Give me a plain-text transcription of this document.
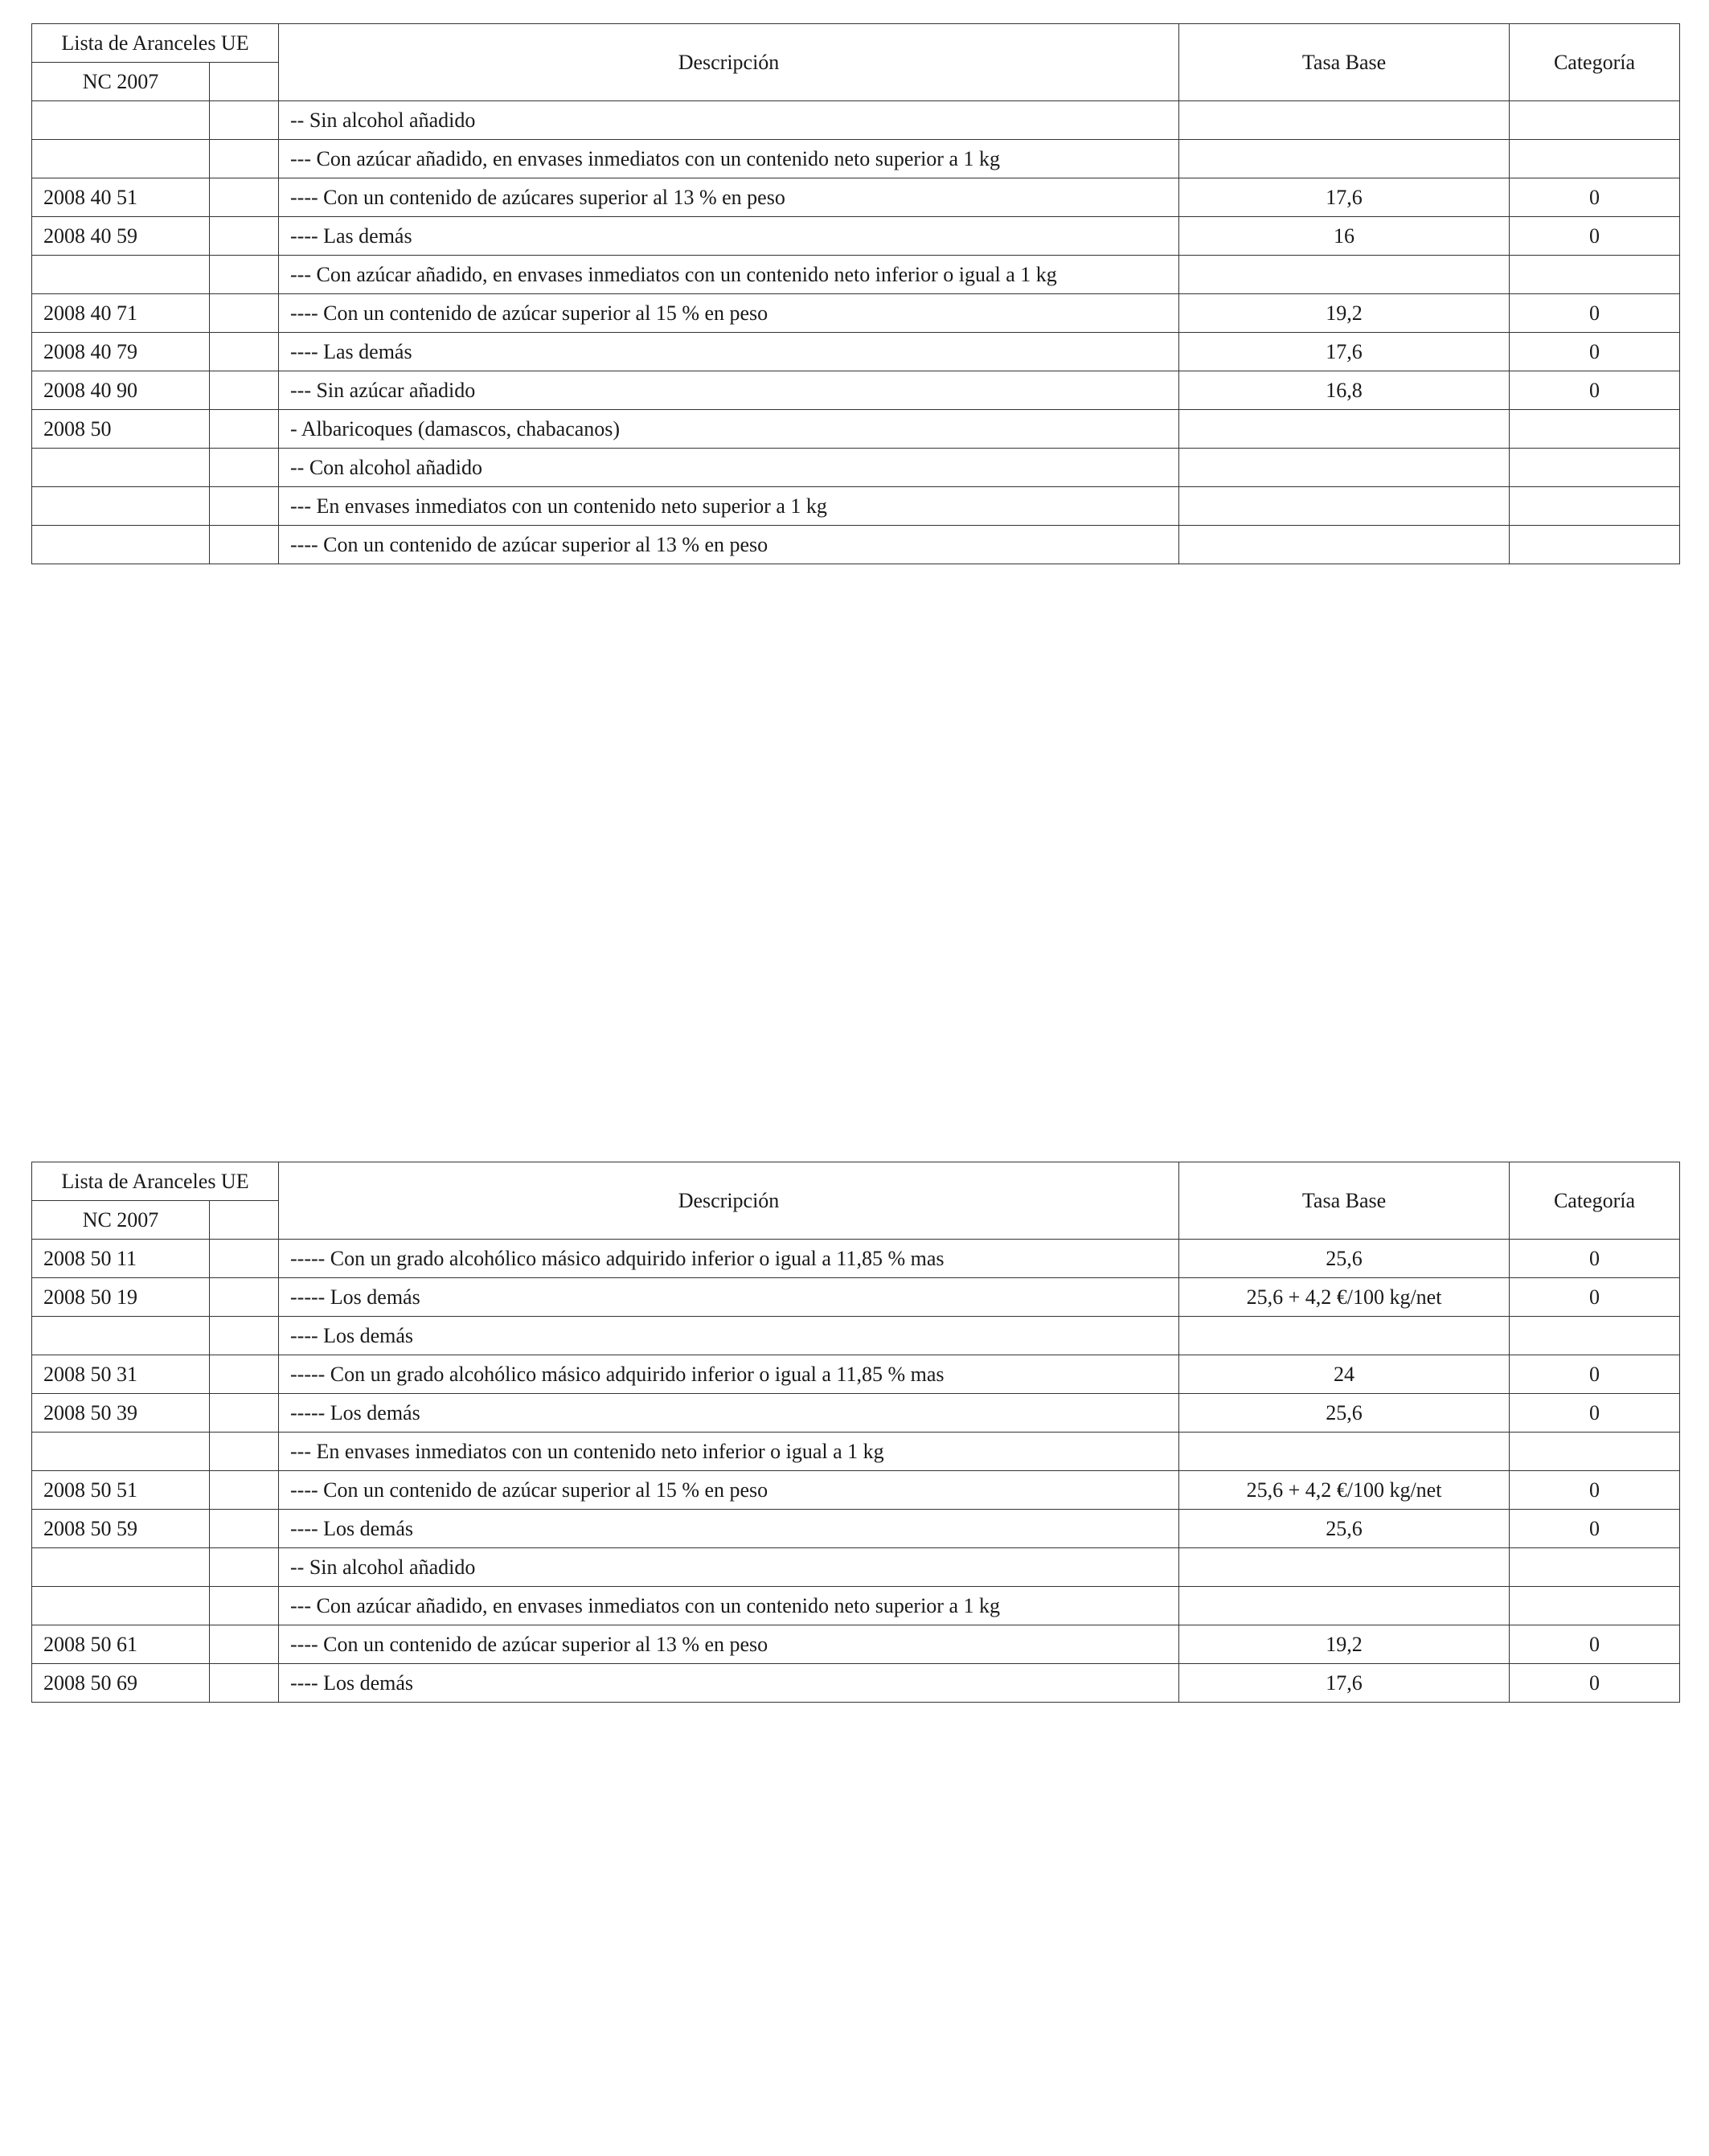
Lista de Aranceles UE		Descripción	Tasa Base	Categoría
NC 2007				
		-- Sin alcohol añadido		
		--- Con azúcar añadido, en envases inmediatos con un contenido neto superior a 1 kg		
2008 40 51		---- Con un contenido de azúcares superior al 13 % en peso	17,6	0
2008 40 59		---- Las demás	16	0
		--- Con azúcar añadido, en envases inmediatos con un contenido neto inferior o igual a 1 kg		
2008 40 71		---- Con un contenido de azúcar superior al 15 % en peso	19,2	0
2008 40 79		---- Las demás	17,6	0
2008 40 90		--- Sin azúcar añadido	16,8	0
2008 50		- Albaricoques (damascos, chabacanos)		
		-- Con alcohol añadido		
		--- En envases inmediatos con un contenido neto superior a 1 kg		
		---- Con un contenido de azúcar superior al 13 % en peso		
Lista de Aranceles UE		Descripción	Tasa Base	Categoría
NC 2007				
2008 50 11		----- Con un grado alcohólico másico adquirido inferior o igual a 11,85 % mas	25,6	0
2008 50 19		----- Los demás	25,6 + 4,2 €/100 kg/net	0
		---- Los demás		
2008 50 31		----- Con un grado alcohólico másico adquirido inferior o igual a 11,85 % mas	24	0
2008 50 39		----- Los demás	25,6	0
		--- En envases inmediatos con un contenido neto inferior o igual a 1 kg		
2008 50 51		---- Con un contenido de azúcar superior al 15 % en peso	25,6 + 4,2 €/100 kg/net	0
2008 50 59		---- Los demás	25,6	0
		-- Sin alcohol añadido		
		--- Con azúcar añadido, en envases inmediatos con un contenido neto superior a 1 kg		
2008 50 61		---- Con un contenido de azúcar superior al 13 % en peso	19,2	0
2008 50 69		---- Los demás	17,6	0
